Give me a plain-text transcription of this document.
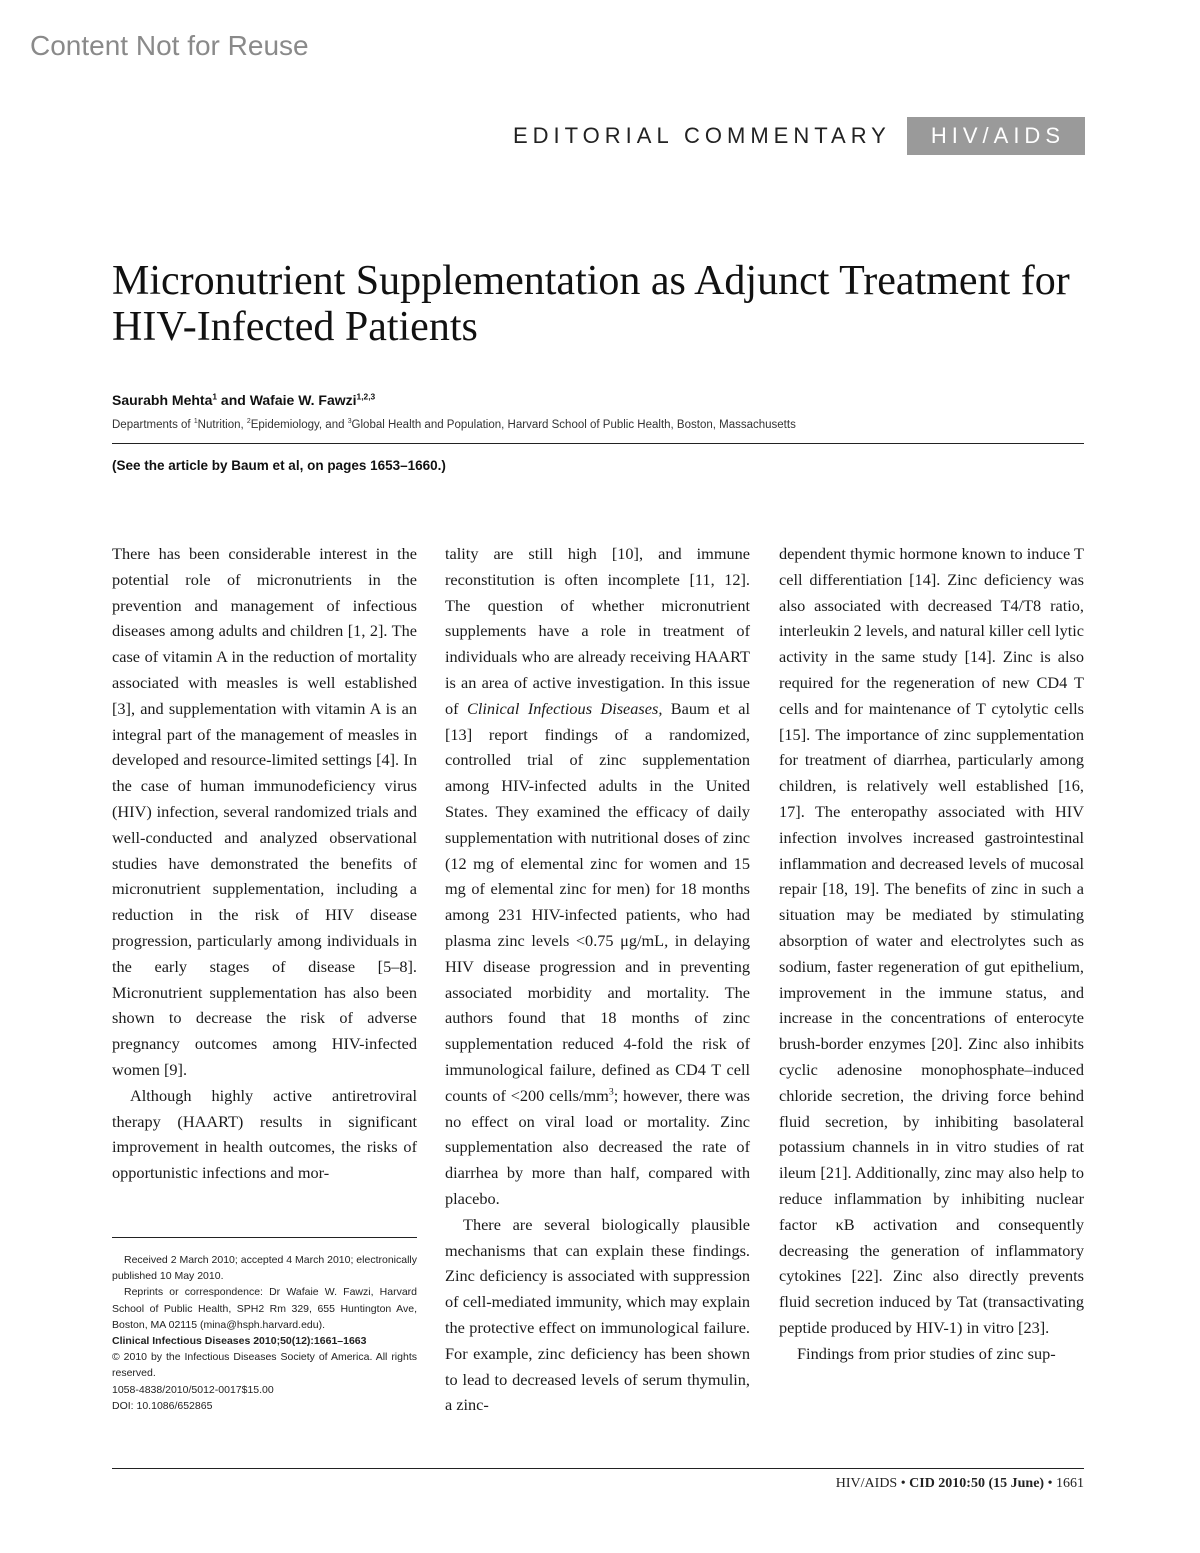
Content Not for Reuse
EDITORIAL COMMENTARY	HIV/AIDS
Micronutrient Supplementation as Adjunct Treatment for HIV-Infected Patients
Saurabh Mehta$^1$ and Wafaie W. Fawzi$^{1,2,3}$
Departments of $^1$Nutrition, $^2$Epidemiology, and $^3$Global Health and Population, Harvard School of Public Health, Boston, Massachusetts
(See the article by Baum et al, on pages 1653–1660.)

There has been considerable interest in the potential role of micronutrients in the prevention and management of infectious diseases among adults and children [1, 2]. The case of vitamin A in the reduction of mortality associated with measles is well established [3], and supplementation with vitamin A is an integral part of the management of measles in developed and resource-limited settings [4]. In the case of human immunodeficiency virus (HIV) infection, several randomized trials and well-conducted and analyzed observational studies have demonstrated the benefits of micronutrient supplementation, including a reduction in the risk of HIV disease progression, particularly among individuals in the early stages of disease [5–8]. Micronutrient supplementation has also been shown to decrease the risk of adverse pregnancy outcomes among HIV-infected women [9].

Although highly active antiretroviral therapy (HAART) results in significant improvement in health outcomes, the risks of opportunistic infections and mor-

tality are still high [10], and immune reconstitution is often incomplete [11, 12]. The question of whether micronutrient supplements have a role in treatment of individuals who are already receiving HAART is an area of active investigation. In this issue of Clinical Infectious Diseases, Baum et al [13] report findings of a randomized, controlled trial of zinc supplementation among HIV-infected adults in the United States. They examined the efficacy of daily supplementation with nutritional doses of zinc (12 mg of elemental zinc for women and 15 mg of elemental zinc for men) for 18 months among 231 HIV-infected patients, who had plasma zinc levels <0.75 μg/mL, in delaying HIV disease progression and in preventing associated morbidity and mortality. The authors found that 18 months of zinc supplementation reduced 4-fold the risk of immunological failure, defined as CD4 T cell counts of <200 cells/$mm^3$; however, there was no effect on viral load or mortality. Zinc supplementation also decreased the rate of diarrhea by more than half, compared with placebo.

There are several biologically plausible mechanisms that can explain these findings. Zinc deficiency is associated with suppression of cell-mediated immunity, which may explain the protective effect on immunological failure. For example, zinc deficiency has been shown to lead to decreased levels of serum thymulin, a zinc-

dependent thymic hormone known to induce T cell differentiation [14]. Zinc deficiency was also associated with decreased T4/T8 ratio, interleukin 2 levels, and natural killer cell lytic activity in the same study [14]. Zinc is also required for the regeneration of new CD4 T cells and for maintenance of T cytolytic cells [15]. The importance of zinc supplementation for treatment of diarrhea, particularly among children, is relatively well established [16, 17]. The enteropathy associated with HIV infection involves increased gastrointestinal inflammation and decreased levels of mucosal repair [18, 19]. The benefits of zinc in such a situation may be mediated by stimulating absorption of water and electrolytes such as sodium, faster regeneration of gut epithelium, improvement in the immune status, and increase in the concentrations of enterocyte brush-border enzymes [20]. Zinc also inhibits cyclic adenosine monophosphate–induced chloride secretion, the driving force behind fluid secretion, by inhibiting basolateral potassium channels in in vitro studies of rat ileum [21]. Additionally, zinc may also help to reduce inflammation by inhibiting nuclear factor κB activation and consequently decreasing the generation of inflammatory cytokines [22]. Zinc also directly prevents fluid secretion induced by Tat (transactivating peptide produced by HIV-1) in vitro [23].

Findings from prior studies of zinc sup-

Received 2 March 2010; accepted 4 March 2010; electronically published 10 May 2010.

Reprints or correspondence: Dr Wafaie W. Fawzi, Harvard School of Public Health, SPH2 Rm 329, 655 Huntington Ave, Boston, MA 02115 (mina@hsph.harvard.edu).

Clinical Infectious Diseases 2010;50(12):1661–1663

© 2010 by the Infectious Diseases Society of America. All rights reserved.

1058-4838/2010/5012-0017$15.00

DOI: 10.1086/652865

HIV/AIDS • CID 2010:50 (15 June) • 1661
